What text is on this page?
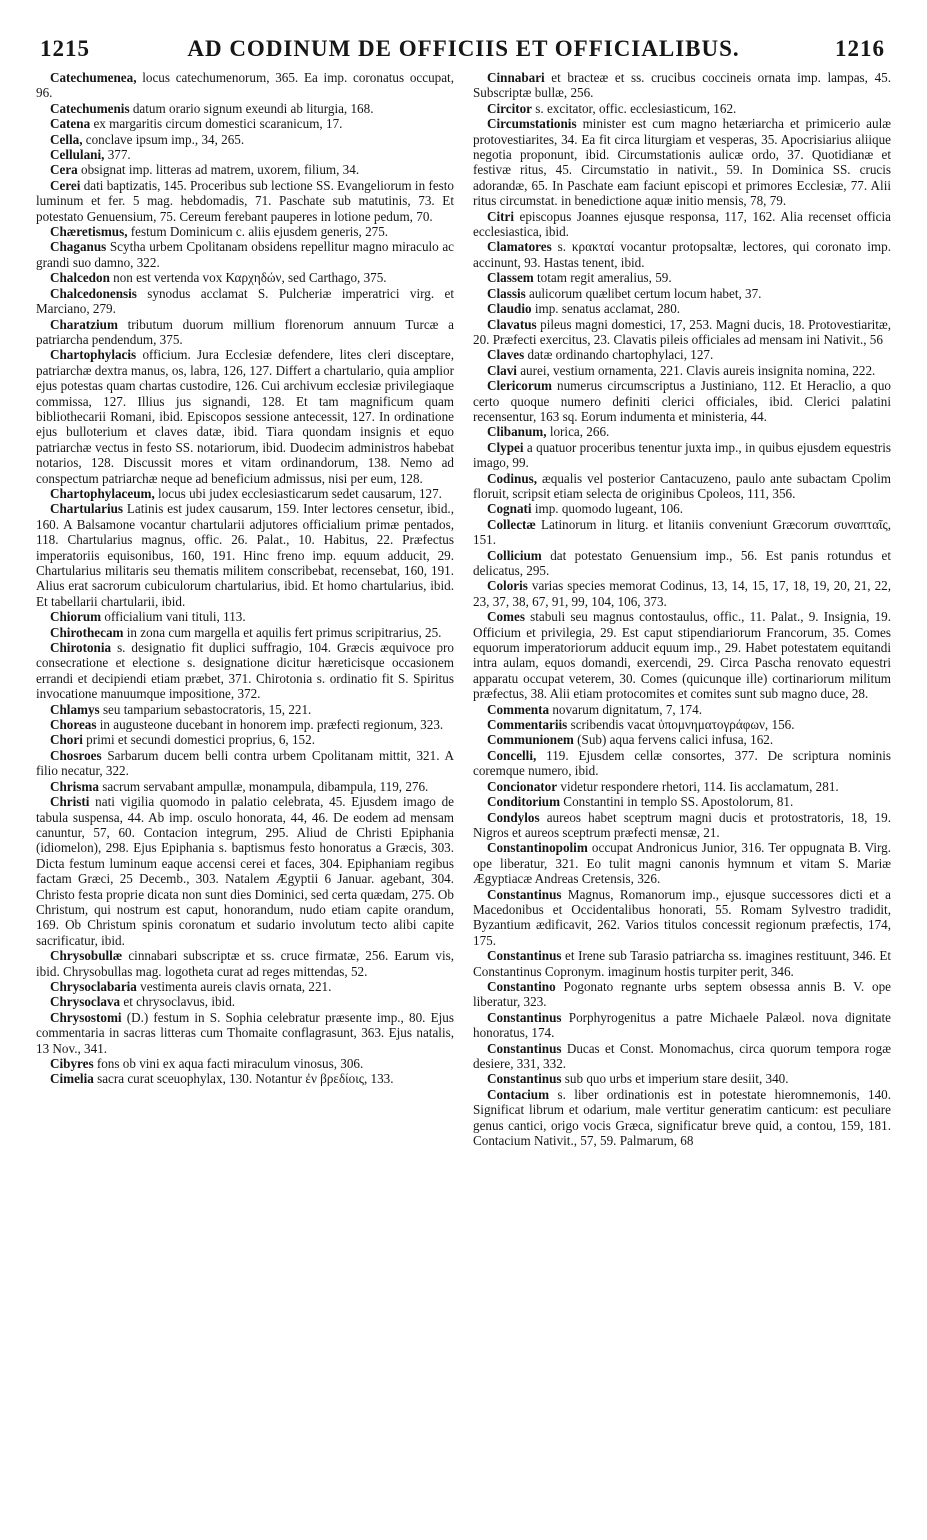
1215	AD CODINUM DE OFFICIIS ET OFFICIALIBUS.	1216

Catechumenea, locus catechumenorum, 365. Ea imp. coronatus occupat, 96.

Catechumenis datum orario signum exeundi ab liturgia, 168.

Catena ex margaritis circum domestici scaranicum, 17.

Cella, conclave ipsum imp., 34, 265.

Cellulani, 377.

Cera obsignat imp. litteras ad matrem, uxorem, filium, 34.

Cerei dati baptizatis, 145. Proceribus sub lectione SS. Evangeliorum in festo luminum et fer. 5 mag. hebdomadis, 71. Paschate sub matutinis, 73. Et potestato Genuensium, 75. Cereum ferebant pauperes in lotione pedum, 70.

Chæretismus, festum Dominicum c. aliis ejusdem generis, 275.

Chaganus Scytha urbem Cpolitanam obsidens repellitur magno miraculo ac grandi suo damno, 322.

Chalcedon non est vertenda vox Καρχηδών, sed Carthago, 375.

Chalcedonensis synodus acclamat S. Pulcheriæ imperatrici virg. et Marciano, 279.

Charatzium tributum duorum millium florenorum annuum Turcæ a patriarcha pendendum, 375.

Chartophylacis officium. Jura Ecclesiæ defendere, lites cleri disceptare, patriarchæ dextra manus, os, labra, 126, 127. Differt a chartulario, quia amplior ejus potestas quam chartas custodire, 126. Cui archivum ecclesiæ privilegiaque commissa, 127. Illius jus signandi, 128. Et tam magnificum quam bibliothecarii Romani, ibid. Episcopos sessione antecessit, 127. In ordinatione ejus bulloterium et claves datæ, ibid. Tiara quondam insignis et equo patriarchæ vectus in festo SS. notariorum, ibid. Duodecim administros habebat notarios, 128. Discussit mores et vitam ordinandorum, 138. Nemo ad conspectum patriarchæ neque ad beneficium admissus, nisi per eum, 128.

Chartophylaceum, locus ubi judex ecclesiasticarum sedet causarum, 127.

Chartularius Latinis est judex causarum, 159. Inter lectores censetur, ibid., 160. A Balsamone vocantur chartularii adjutores officialium primæ pentados, 118. Chartularius magnus, offic. 26. Palat., 10. Habitus, 22. Præfectus imperatoriis equisonibus, 160, 191. Hinc freno imp. equum adducit, 29. Chartularius militaris seu thematis militem conscribebat, recensebat, 160, 191. Alius erat sacrorum cubiculorum chartularius, ibid. Et homo chartularius, ibid. Et tabellarii chartularii, ibid.

Chiorum officialium vani tituli, 113.

Chirothecam in zona cum margella et aquilis fert primus scripitrarius, 25.

Chirotonia s. designatio fit duplici suffragio, 104. Græcis æquivoce pro consecratione et electione s. designatione dicitur hæreticisque occasionem errandi et decipiendi etiam præbet, 371. Chirotonia s. ordinatio fit S. Spiritus invocatione manuumque impositione, 372.

Chlamys seu tamparium sebastocratoris, 15, 221.

Choreas in augusteone ducebant in honorem imp. præfecti regionum, 323.

Chori primi et secundi domestici proprius, 6, 152.

Chosroes Sarbarum ducem belli contra urbem Cpolitanam mittit, 321. A filio necatur, 322.

Chrisma sacrum servabant ampullæ, monampula, dibampula, 119, 276.

Christi nati vigilia quomodo in palatio celebrata, 45. Ejusdem imago de tabula suspensa, 44. Ab imp. osculo honorata, 44, 46. De eodem ad mensam canuntur, 57, 60. Contacion integrum, 295. Aliud de Christi Epiphania (idiomelon), 298. Ejus Epiphania s. baptismus festo honoratus a Græcis, 303. Dicta festum luminum eaque accensi cerei et faces, 304. Epiphaniam regibus factam Græci, 25 Decemb., 303. Natalem Ægyptii 6 Januar. agebant, 304. Christo festa proprie dicata non sunt dies Dominici, sed certa quædam, 275. Ob Christum, qui nostrum est caput, honorandum, nudo etiam capite orandum, 169. Ob Christum spinis coronatum et sudario involutum tecto alibi capite sacrificatur, ibid.

Chrysobullæ cinnabari subscriptæ et ss. cruce firmatæ, 256. Earum vis, ibid. Chrysobullas mag. logotheta curat ad reges mittendas, 52.

Chrysoclabaria vestimenta aureis clavis ornata, 221.

Chrysoclava et chrysoclavus, ibid.

Chrysostomi (D.) festum in S. Sophia celebratur præsente imp., 80. Ejus commentaria in sacras litteras cum Thomaite conflagrasunt, 363. Ejus natalis, 13 Nov., 341.

Cibyres fons ob vini ex aqua facti miraculum vinosus, 306.

Cimelia sacra curat sceuophylax, 130. Notantur ἐν βρεδίοις, 133.

Cinnabari et bracteæ et ss. crucibus coccineis ornata imp. lampas, 45. Subscriptæ bullæ, 256.

Circitor s. excitator, offic. ecclesiasticum, 162.

Circumstationis minister est cum magno hetæriarcha et primicerio aulæ protovestiarites, 34. Ea fit circa liturgiam et vesperas, 35. Apocrisiarius aliique negotia proponunt, ibid. Circumstationis aulicæ ordo, 37. Quotidianæ et festivæ ritus, 45. Circumstatio in nativit., 59. In Dominica SS. crucis adorandæ, 65. In Paschate eam faciunt episcopi et primores Ecclesiæ, 77. Alii ritus circumstat. in benedictione aquæ initio mensis, 78, 79.

Citri episcopus Joannes ejusque responsa, 117, 162. Alia recenset officia ecclesiastica, ibid.

Clamatores s. κρακταί vocantur protopsaltæ, lectores, qui coronato imp. accinunt, 93. Hastas tenent, ibid.

Classem totam regit ameralius, 59.

Classis aulicorum quælibet certum locum habet, 37.

Claudio imp. senatus acclamat, 280.

Clavatus pileus magni domestici, 17, 253. Magni ducis, 18. Protovestiaritæ, 20. Præfecti exercitus, 23. Clavatis pileis officiales ad mensam ini Nativit., 56

Claves datæ ordinando chartophylaci, 127.

Clavi aurei, vestium ornamenta, 221. Clavis aureis insignita nomina, 222.

Clericorum numerus circumscriptus a Justiniano, 112. Et Heraclio, a quo certo quoque numero definiti clerici officiales, ibid. Clerici palatini recensentur, 163 sq. Eorum indumenta et ministeria, 44.

Clibanum, lorica, 266.

Clypei a quatuor proceribus tenentur juxta imp., in quibus ejusdem equestris imago, 99.

Codinus, æqualis vel posterior Cantacuzeno, paulo ante subactam Cpolim floruit, scripsit etiam selecta de originibus Cpoleos, 111, 356.

Cognati imp. quomodo lugeant, 106.

Collectæ Latinorum in liturg. et litaniis conveniunt Græcorum συναπταῖς, 151.

Collicium dat potestato Genuensium imp., 56. Est panis rotundus et delicatus, 295.

Coloris varias species memorat Codinus, 13, 14, 15, 17, 18, 19, 20, 21, 22, 23, 37, 38, 67, 91, 99, 104, 106, 373.

Comes stabuli seu magnus contostaulus, offic., 11. Palat., 9. Insignia, 19. Officium et privilegia, 29. Est caput stipendiariorum Francorum, 35. Comes equorum imperatoriorum adducit equum imp., 29. Habet potestatem equitandi intra aulam, equos domandi, exercendi, 29. Circa Pascha renovato equestri apparatu occupat veterem, 30. Comes (quicunque ille) cortinariorum militum præfectus, 38. Alii etiam protocomites et comites sunt sub magno duce, 28.

Commenta novarum dignitatum, 7, 174.

Commentariis scribendis vacat ὑπομνηματογράφων, 156.

Communionem (Sub) aqua fervens calici infusa, 162.

Concelli, 119. Ejusdem cellæ consortes, 377. De scriptura nominis coremque numero, ibid.

Concionator videtur respondere rhetori, 114. Iis acclamatum, 281.

Conditorium Constantini in templo SS. Apostolorum, 81.

Condylos aureos habet sceptrum magni ducis et protostratoris, 18, 19. Nigros et aureos sceptrum præfecti mensæ, 21.

Constantinopolim occupat Andronicus Junior, 316. Ter oppugnata B. Virg. ope liberatur, 321. Eo tulit magni canonis hymnum et vitam S. Mariæ Ægyptiacæ Andreas Cretensis, 326.

Constantinus Magnus, Romanorum imp., ejusque successores dicti et a Macedonibus et Occidentalibus honorati, 55. Romam Sylvestro tradidit, Byzantium ædificavit, 262. Varios titulos concessit regionum præfectis, 174, 175.

Constantinus et Irene sub Tarasio patriarcha ss. imagines restituunt, 346. Et Constantinus Copronym. imaginum hostis turpiter perit, 346.

Constantino Pogonato regnante urbs septem obsessa annis B. V. ope liberatur, 323.

Constantinus Porphyrogenitus a patre Michaele Palæol. nova dignitate honoratus, 174.

Constantinus Ducas et Const. Monomachus, circa quorum tempora rogæ desiere, 331, 332.

Constantinus sub quo urbs et imperium stare desiit, 340.

Contacium s. liber ordinationis est in potestate hieromnemonis, 140. Significat librum et odarium, male vertitur generatim canticum: est peculiare genus cantici, origo vocis Græca, significatur breve quid, a contou, 159, 181. Contacium Nativit., 57, 59. Palmarum, 68
